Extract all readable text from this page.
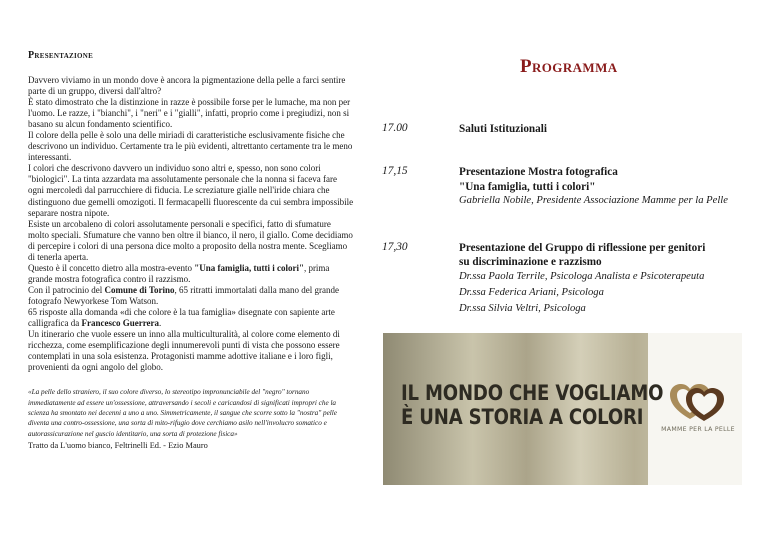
Presentazione

Davvero viviamo in un mondo dove è ancora la pigmentazione della pelle a farci sentire parte di un gruppo, diversi dall'altro?

È stato dimostrato che la distinzione in razze è possibile forse per le lumache, ma non per l'uomo. Le razze, i "bianchi", i "neri" e i "gialli", infatti, proprio come i pregiudizi, non si basano su alcun fondamento scientifico.

Il colore della pelle è solo una delle miriadi di caratteristiche esclusivamente fisiche che descrivono un individuo. Certamente tra le più evidenti, altrettanto certamente tra le meno interessanti.

I colori che descrivono davvero un individuo sono altri e, spesso, non sono colori "biologici". La tinta azzardata ma assolutamente personale che la nonna si faceva fare ogni mercoledì dal parrucchiere di fiducia. Le screziature gialle nell'iride chiara che distinguono due gemelli omozigoti. Il fermacapelli fluorescente da cui sembra impossibile separare nostra nipote.

Esiste un arcobaleno di colori assolutamente personali e specifici, fatto di sfumature molto speciali. Sfumature che vanno ben oltre il bianco, il nero, il giallo. Come decidiamo di percepire i colori di una persona dice molto a proposito della nostra mente. Scegliamo di tenerla aperta.

Questo è il concetto dietro alla mostra-evento "Una famiglia, tutti i colori", prima grande mostra fotografica contro il razzismo.

Con il patrocinio del Comune di Torino, 65 ritratti immortalati dalla mano del grande fotografo Newyorkese Tom Watson.

65 risposte alla domanda «di che colore è la tua famiglia» disegnate con sapiente arte calligrafica da Francesco Guerrera.

Un itinerario che vuole essere un inno alla multiculturalità, al colore come elemento di ricchezza, come esemplificazione degli innumerevoli punti di vista che possono essere contemplati in una sola esistenza. Protagonisti mamme adottive italiane e i loro figli, provenienti da ogni angolo del globo.

«La pelle dello straniero, il suo colore diverso, lo stereotipo impronunciabile del "negro" tornano immediatamente ad essere un'ossessione, attraversando i secoli e caricandosi di significati impropri che la scienza ha smontato nei decenni a uno a uno. Simmetricamente, il sangue che scorre sotto la "nostra" pelle diventa una contro-ossessione, una sorta di mito-rifugio dove cerchiamo asilo nell'involucro somatico e autorassicurazione nel guscio identitario, una sorta di protezione fisica»
Tratto da L'uomo bianco, Feltrinelli Ed. - Ezio Mauro
Programma
17.00	Saluti Istituzionali
17,15	Presentazione Mostra fotografica
"Una famiglia, tutti i colori"
Gabriella Nobile, Presidente Associazione Mamme per la Pelle
17,30	Presentazione del Gruppo di riflessione per genitori
su discriminazione e razzismo
Dr.ssa Paola Terrile, Psicologa Analista e Psicoterapeuta
Dr.ssa Federica Ariani, Psicologa
Dr.ssa Silvia Veltri, Psicologa
IL MONDO CHE VOGLIAMO
È UNA STORIA A COLORI
MAMME PER LA PELLE
